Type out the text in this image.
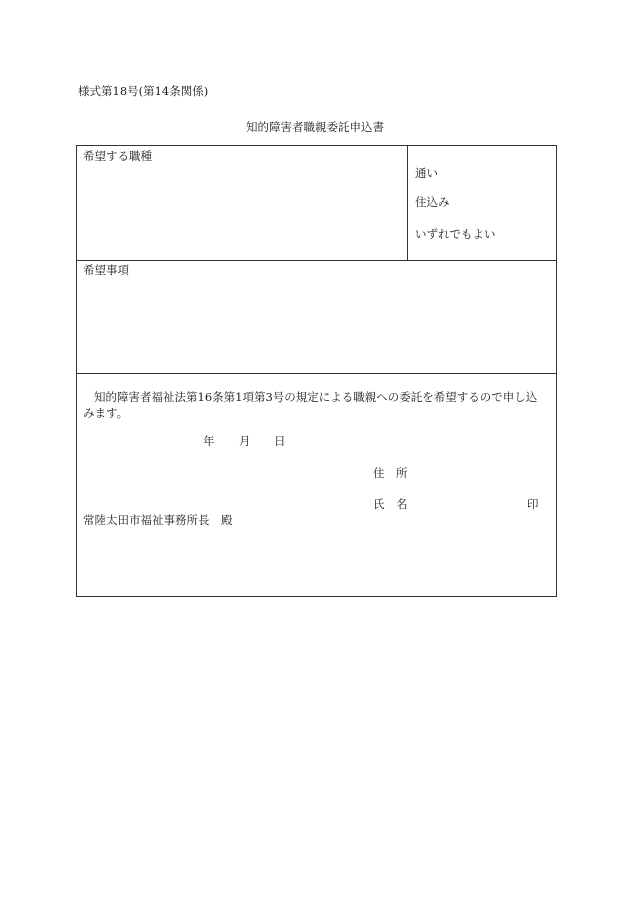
様式第18号(第14条関係)
知的障害者職親委託申込書
希望する職種
通い
住込み
いずれでもよい
希望事項
知的障害者福祉法第16条第1項第3号の規定による職親への委託を希望するので申し込
みます。
年 月 日
住　所
氏　名	印
常陸太田市福祉事務所長　殿
